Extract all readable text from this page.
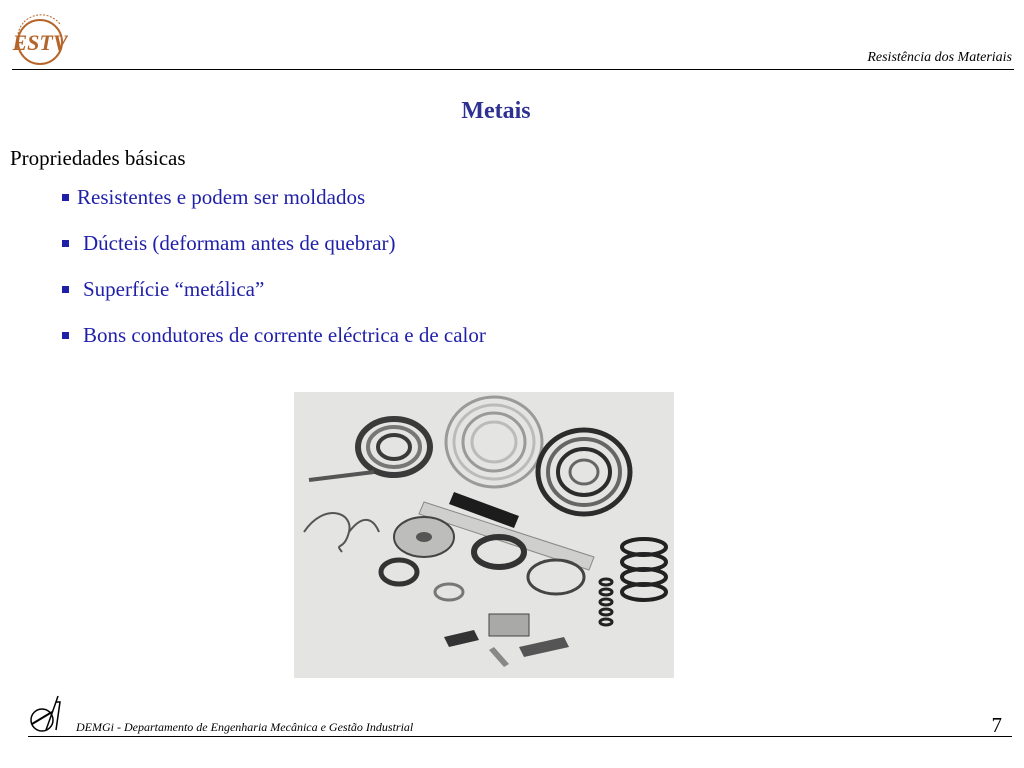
ESTV
Resistência dos Materiais
Metais
Propriedades básicas
Resistentes e podem ser moldados
Dúcteis (deformam antes de quebrar)
Superfície “metálica”
Bons condutores de corrente eléctrica e de calor
DEMGi - Departamento de Engenharia Mecânica e Gestão Industrial	7
